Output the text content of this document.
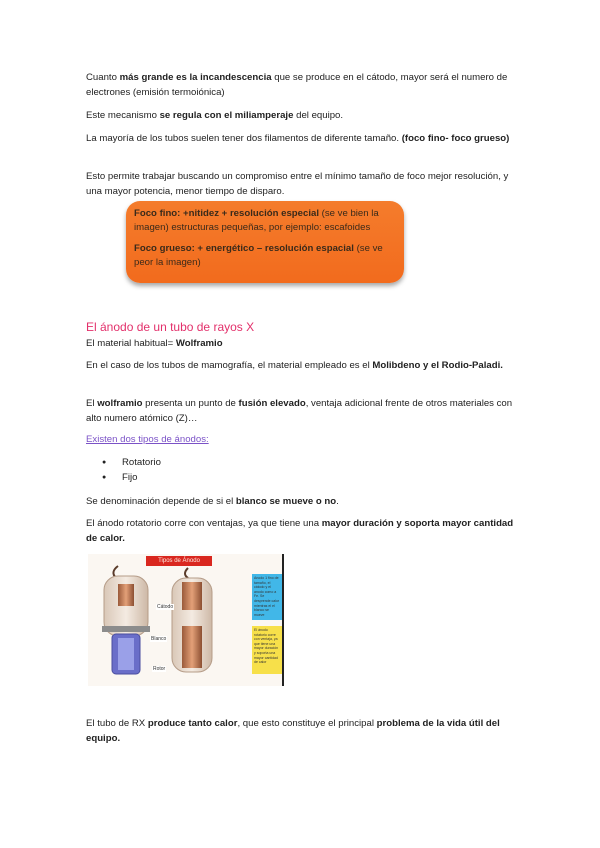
Cuanto más grande es la incandescencia que se produce en el cátodo, mayor será el numero de electrones (emisión termoiónica)

Este mecanismo se regula con el miliamperaje del equipo.

La mayoría de los tubos suelen tener dos filamentos de diferente tamaño. (foco fino- foco grueso)

Esto permite trabajar buscando un compromiso entre el mínimo tamaño de foco mejor resolución, y una mayor potencia, menor tiempo de disparo.

Foco fino: +nitidez + resolución especial (se ve bien la imagen) estructuras pequeñas, por ejemplo: escafoides

Foco grueso: + energético – resolución espacial (se ve peor la imagen)

El ánodo de un tubo de rayos X

El material habitual= Wolframio

En el caso de los tubos de mamografía, el material empleado es el Molibdeno y el Rodio-Paladi.

El wolframio presenta un punto de fusión elevado, ventaja adicional frente de otros materiales con alto numero atómico (Z)…

Existen dos tipos de ánodos:
● Rotatorio
● Fijo

Se denominación depende de si el blanco se mueve o no.

El ánodo rotatorio corre con ventajas, ya que tiene una mayor duración y soporta mayor cantidad de calor.

Tipos de Ánodo
Cátodo
Blanco
Rotor
Anodo 1 fino de tamaño, el cátodo y el anodo como a Fe. Se desprende calor mientras el el blanco se mueve
El ánodo rotatorio corre con ventaja, ya que tiene una mayor duración y soporta una mayor cantidad de calor

El tubo de RX produce tanto calor, que esto constituye el principal problema de la vida útil del equipo.
